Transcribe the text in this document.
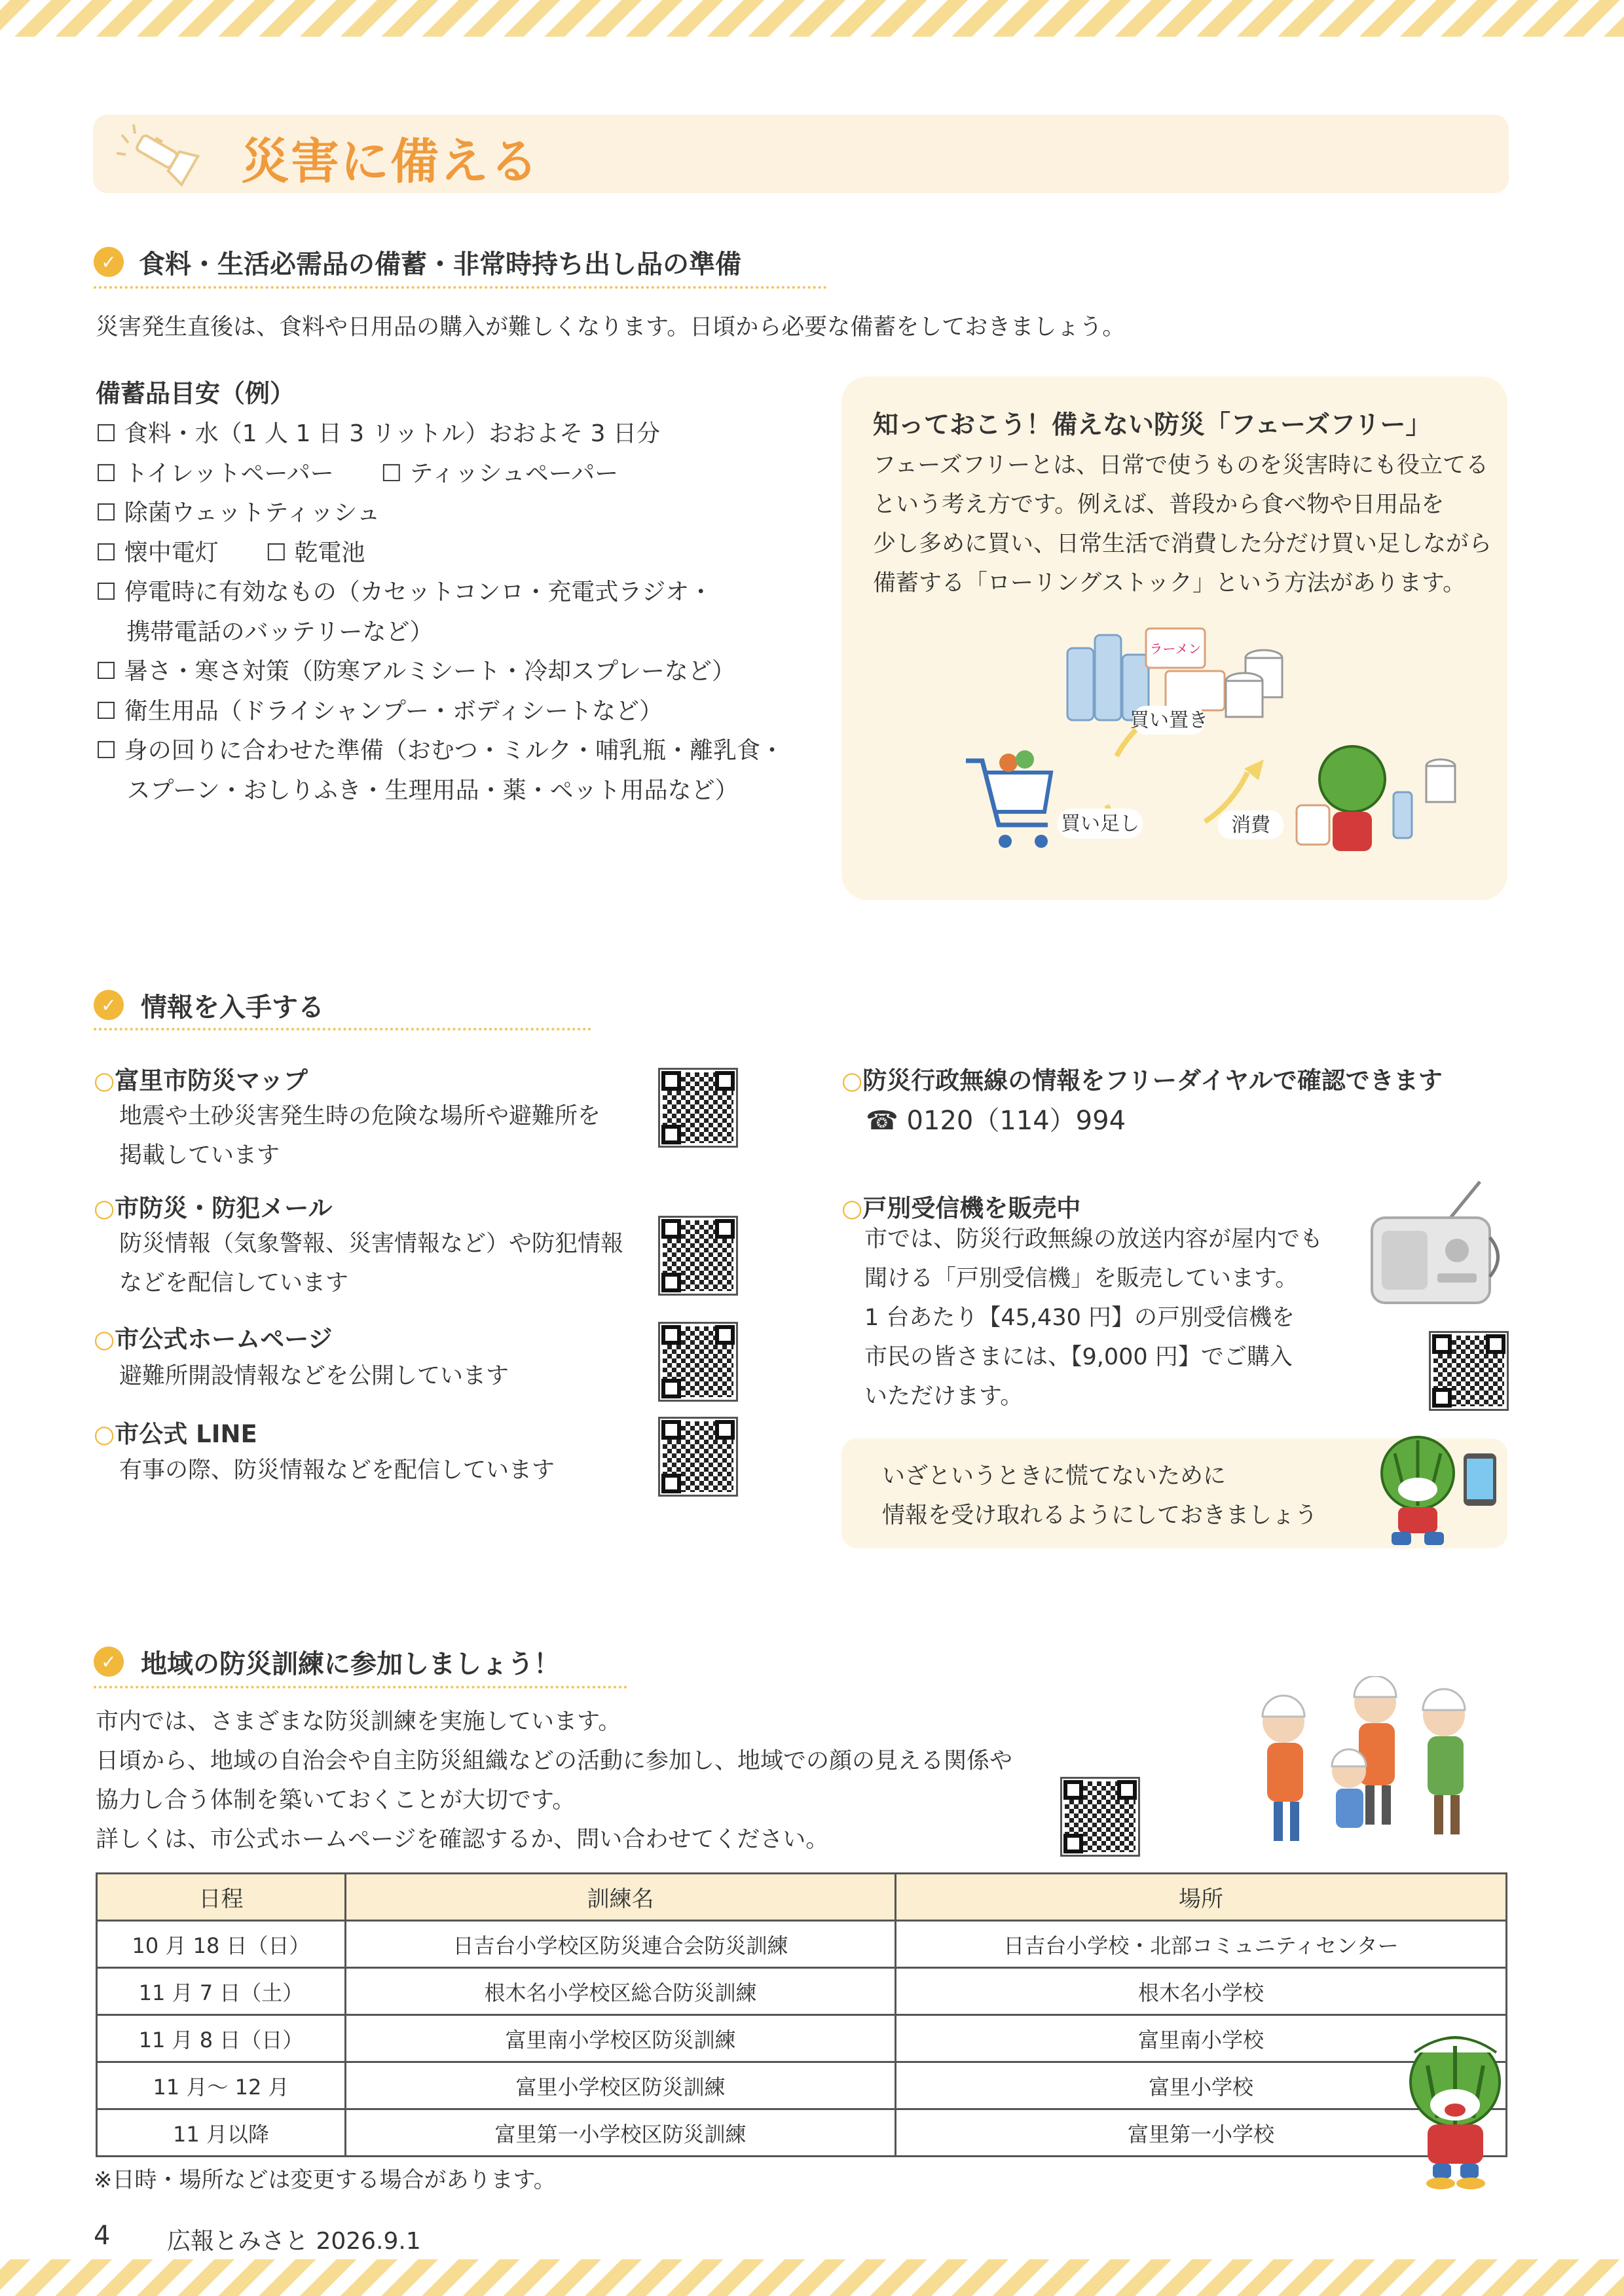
災害に備える
✓ 食料・生活必需品の備蓄・非常時持ち出し品の準備
災害発生直後は、食料や日用品の購入が難しくなります。日頃から必要な備蓄をしておきましょう。
備蓄品目安（例）
☐ 食料・水（1 人 1 日 3 リットル）おおよそ 3 日分
☐ トイレットペーパー　　☐ ティッシュペーパー
☐ 除菌ウェットティッシュ
☐ 懐中電灯　　☐ 乾電池
☐ 停電時に有効なもの（カセットコンロ・充電式ラジオ・
　 携帯電話のバッテリーなど）
☐ 暑さ・寒さ対策（防寒アルミシート・冷却スプレーなど）
☐ 衛生用品（ドライシャンプー・ボディシートなど）
☐ 身の回りに合わせた準備（おむつ・ミルク・哺乳瓶・離乳食・
　 スプーン・おしりふき・生理用品・薬・ペット用品など）
知っておこう！備えない防災「フェーズフリー」
フェーズフリーとは、日常で使うものを災害時にも役立てる
という考え方です。例えば、普段から食べ物や日用品を
少し多めに買い、日常生活で消費した分だけ買い足しながら
備蓄する「ローリングストック」という方法があります。
ラーメン
買い置き
買い足し	消費
✓ 情報を入手する
○富里市防災マップ
地震や土砂災害発生時の危険な場所や避難所を
掲載しています
○市防災・防犯メール
防災情報（気象警報、災害情報など）や防犯情報
などを配信しています
○市公式ホームページ
避難所開設情報などを公開しています
○市公式 LINE
有事の際、防災情報などを配信しています
○防災行政無線の情報をフリーダイヤルで確認できます
☎ 0120（114）994
○戸別受信機を販売中
市では、防災行政無線の放送内容が屋内でも
聞ける「戸別受信機」を販売しています。
1 台あたり【45,430 円】の戸別受信機を
市民の皆さまには、【9,000 円】でご購入
いただけます。
いざというときに慌てないために
情報を受け取れるようにしておきましょう
✓ 地域の防災訓練に参加しましょう！
市内では、さまざまな防災訓練を実施しています。
日頃から、地域の自治会や自主防災組織などの活動に参加し、地域での顔の見える関係や
協力し合う体制を築いておくことが大切です。
詳しくは、市公式ホームページを確認するか、問い合わせてください。
日程	訓練名	場所
10 月 18 日（日）	日吉台小学校区防災連合会防災訓練	日吉台小学校・北部コミュニティセンター
11 月 7 日（土）	根木名小学校区総合防災訓練	根木名小学校
11 月 8 日（日）	富里南小学校区防災訓練	富里南小学校
11 月～ 12 月	富里小学校区防災訓練	富里小学校
11 月以降	富里第一小学校区防災訓練	富里第一小学校
※日時・場所などは変更する場合があります。
4 広報とみさと 2026.9.1
